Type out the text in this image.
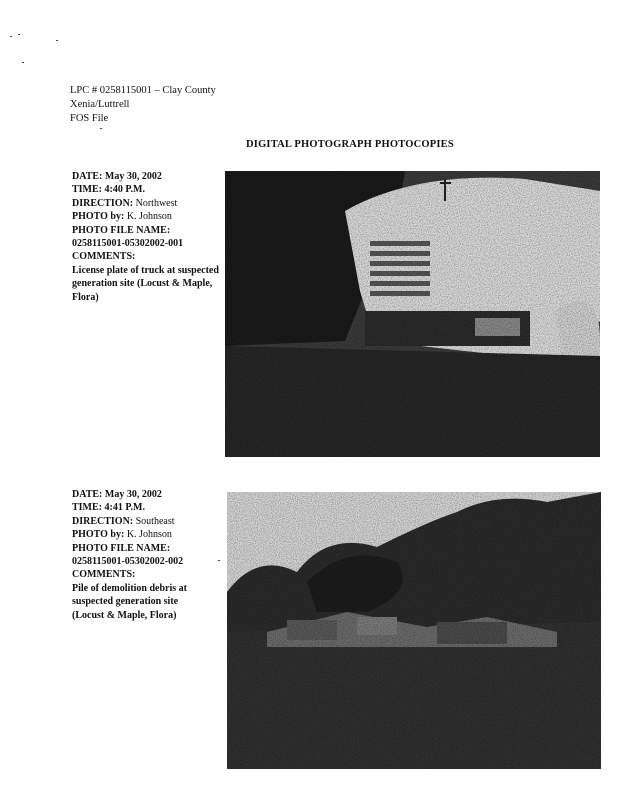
LPC # 0258115001 – Clay County
Xenia/Luttrell
FOS File
DIGITAL PHOTOGRAPH PHOTOCOPIES
DATE: May 30, 2002
TIME: 4:40 P.M.
DIRECTION: Northwest
PHOTO by: K. Johnson
PHOTO FILE NAME:
0258115001-05302002-001
COMMENTS:
License plate of truck at suspected generation site (Locust & Maple, Flora)
DATE: May 30, 2002
TIME: 4:41 P.M.
DIRECTION: Southeast
PHOTO by: K. Johnson
PHOTO FILE NAME:
0258115001-05302002-002
COMMENTS:
Pile of demolition debris at suspected generation site (Locust & Maple, Flora)
